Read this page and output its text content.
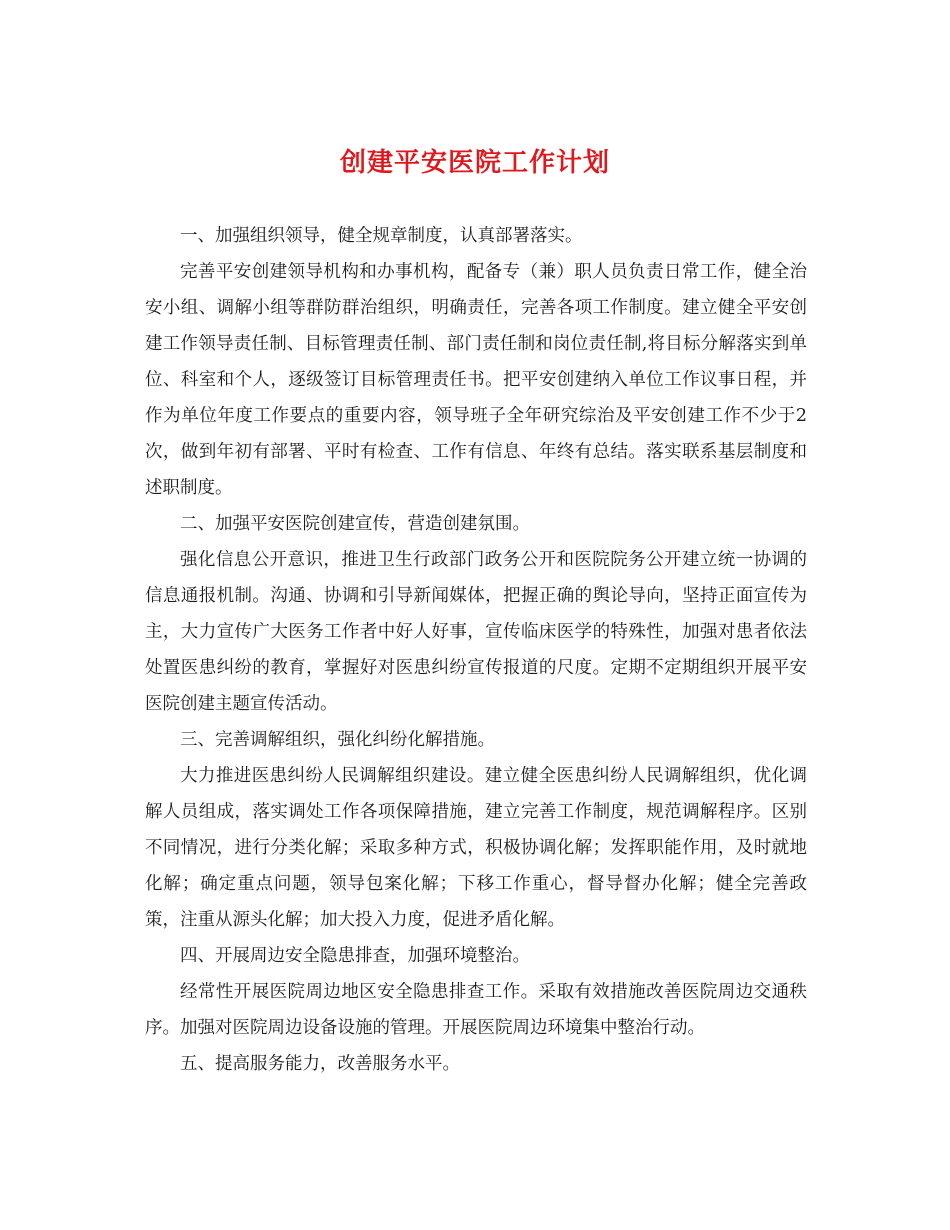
创建平安医院工作计划

一、加强组织领导，健全规章制度，认真部署落实。

完善平安创建领导机构和办事机构，配备专（兼）职人员负责日常工作，健全治安小组、调解小组等群防群治组织，明确责任，完善各项工作制度。建立健全平安创建工作领导责任制、目标管理责任制、部门责任制和岗位责任制,将目标分解落实到单位、科室和个人，逐级签订目标管理责任书。把平安创建纳入单位工作议事日程，并作为单位年度工作要点的重要内容，领导班子全年研究综治及平安创建工作不少于2次，做到年初有部署、平时有检查、工作有信息、年终有总结。落实联系基层制度和述职制度。

二、加强平安医院创建宣传，营造创建氛围。

强化信息公开意识，推进卫生行政部门政务公开和医院院务公开建立统一协调的信息通报机制。沟通、协调和引导新闻媒体，把握正确的舆论导向，坚持正面宣传为主，大力宣传广大医务工作者中好人好事，宣传临床医学的特殊性，加强对患者依法处置医患纠纷的教育，掌握好对医患纠纷宣传报道的尺度。定期不定期组织开展平安医院创建主题宣传活动。

三、完善调解组织，强化纠纷化解措施。

大力推进医患纠纷人民调解组织建设。建立健全医患纠纷人民调解组织，优化调解人员组成，落实调处工作各项保障措施，建立完善工作制度，规范调解程序。区别不同情况，进行分类化解；采取多种方式，积极协调化解；发挥职能作用，及时就地化解；确定重点问题，领导包案化解；下移工作重心，督导督办化解；健全完善政策，注重从源头化解；加大投入力度，促进矛盾化解。

四、开展周边安全隐患排查，加强环境整治。

经常性开展医院周边地区安全隐患排查工作。采取有效措施改善医院周边交通秩序。加强对医院周边设备设施的管理。开展医院周边环境集中整治行动。

五、提高服务能力，改善服务水平。
